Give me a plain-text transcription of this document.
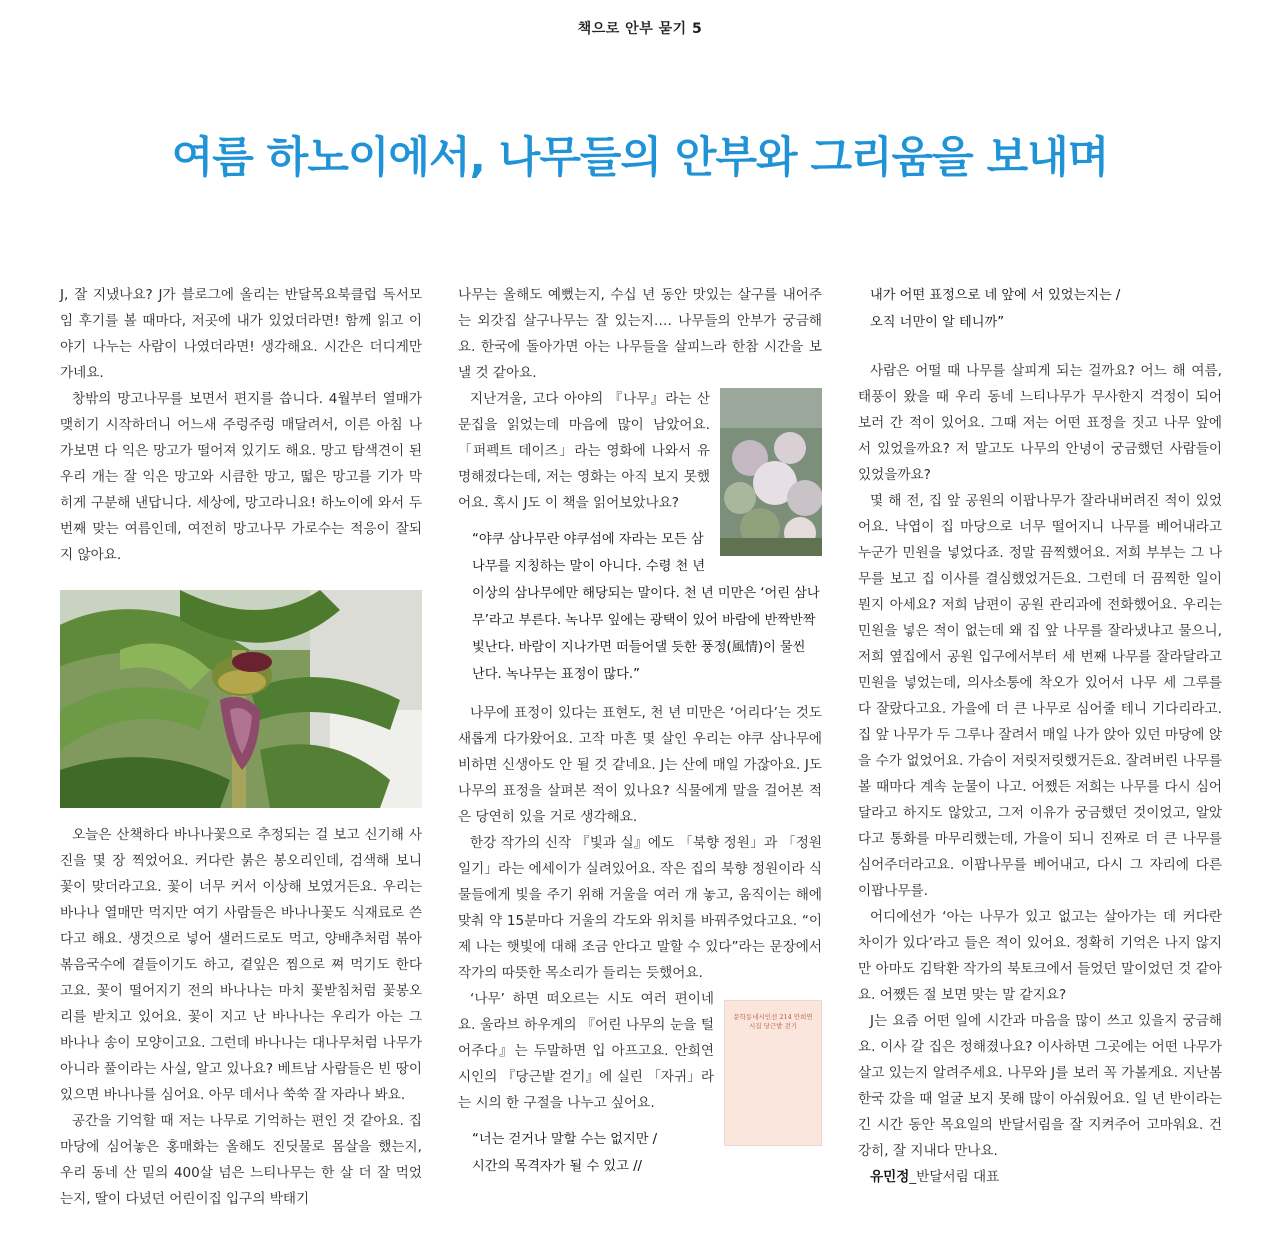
책으로 안부 묻기 5
여름 하노이에서, 나무들의 안부와 그리움을 보내며

J, 잘 지냈나요? J가 블로그에 올리는 반달목요북클럽 독서모임 후기를 볼 때마다, 저곳에 내가 있었더라면! 함께 읽고 이야기 나누는 사람이 나였더라면! 생각해요. 시간은 더디게만 가네요.

창밖의 망고나무를 보면서 편지를 씁니다. 4월부터 열매가 맺히기 시작하더니 어느새 주렁주렁 매달려서, 이른 아침 나가보면 다 익은 망고가 떨어져 있기도 해요. 망고 탐색견이 된 우리 개는 잘 익은 망고와 시큼한 망고, 떫은 망고를 기가 막히게 구분해 낸답니다. 세상에, 망고라니요! 하노이에 와서 두 번째 맞는 여름인데, 여전히 망고나무 가로수는 적응이 잘되지 않아요.

오늘은 산책하다 바나나꽃으로 추정되는 걸 보고 신기해 사진을 몇 장 찍었어요. 커다란 붉은 봉오리인데, 검색해 보니 꽃이 맞더라고요. 꽃이 너무 커서 이상해 보였거든요. 우리는 바나나 열매만 먹지만 여기 사람들은 바나나꽃도 식재료로 쓴다고 해요. 생것으로 넣어 샐러드로도 먹고, 양배추처럼 볶아 볶음국수에 곁들이기도 하고, 곁잎은 찜으로 쪄 먹기도 한다고요. 꽃이 떨어지기 전의 바나나는 마치 꽃받침처럼 꽃봉오리를 받치고 있어요. 꽃이 지고 난 바나나는 우리가 아는 그 바나나 송이 모양이고요. 그런데 바나나는 대나무처럼 나무가 아니라 풀이라는 사실, 알고 있나요? 베트남 사람들은 빈 땅이 있으면 바나나를 심어요. 아무 데서나 쑥쑥 잘 자라나 봐요.

공간을 기억할 때 저는 나무로 기억하는 편인 것 같아요. 집 마당에 심어놓은 홍매화는 올해도 진딧물로 몸살을 했는지, 우리 동네 산 밑의 400살 넘은 느티나무는 한 살 더 잘 먹었는지, 딸이 다녔던 어린이집 입구의 박태기

나무는 올해도 예뻤는지, 수십 년 동안 맛있는 살구를 내어주는 외갓집 살구나무는 잘 있는지…. 나무들의 안부가 궁금해요. 한국에 돌아가면 아는 나무들을 살피느라 한참 시간을 보낼 것 같아요.

지난겨울, 고다 아야의 『나무』라는 산문집을 읽었는데 마음에 많이 남았어요. 「퍼펙트 데이즈」라는 영화에 나와서 유명해졌다는데, 저는 영화는 아직 보지 못했어요. 혹시 J도 이 책을 읽어보았나요?

“야쿠 삼나무란 야쿠섬에 자라는 모든 삼나무를 지칭하는 말이 아니다. 수령 천 년 이상의 삼나무에만 해당되는 말이다. 천 년 미만은 ‘어린 삼나무’라고 부른다. 녹나무 잎에는 광택이 있어 바람에 반짝반짝 빛난다. 바람이 지나가면 떠들어댈 듯한 풍정(風情)이 물씬 난다. 녹나무는 표정이 많다.”

나무에 표정이 있다는 표현도, 천 년 미만은 ‘어리다’는 것도 새롭게 다가왔어요. 고작 마흔 몇 살인 우리는 야쿠 삼나무에 비하면 신생아도 안 될 것 같네요. J는 산에 매일 가잖아요. J도 나무의 표정을 살펴본 적이 있나요? 식물에게 말을 걸어본 적은 당연히 있을 거로 생각해요.

한강 작가의 신작 『빛과 실』에도 「북향 정원」과 「정원 일기」라는 에세이가 실려있어요. 작은 집의 북향 정원이라 식물들에게 빛을 주기 위해 거울을 여러 개 놓고, 움직이는 해에 맞춰 약 15분마다 거울의 각도와 위치를 바꿔주었다고요. “이제 나는 햇빛에 대해 조금 안다고 말할 수 있다”라는 문장에서 작가의 따뜻한 목소리가 들리는 듯했어요.

문학동네시인선 214 안희연 시집 당근밭 걷기

‘나무’ 하면 떠오르는 시도 여러 편이네요. 울라브 하우게의 『어린 나무의 눈을 털어주다』는 두말하면 입 아프고요. 안희연 시인의 『당근밭 걷기』에 실린 「자귀」라는 시의 한 구절을 나누고 싶어요.

“너는 걷거나 말할 수는 없지만 /
시간의 목격자가 될 수 있고 //
내가 어떤 표정으로 네 앞에 서 있었는지는 /
오직 너만이 알 테니까”

사람은 어떨 때 나무를 살피게 되는 걸까요? 어느 해 여름, 태풍이 왔을 때 우리 동네 느티나무가 무사한지 걱정이 되어 보러 간 적이 있어요. 그때 저는 어떤 표정을 짓고 나무 앞에 서 있었을까요? 저 말고도 나무의 안녕이 궁금했던 사람들이 있었을까요?

몇 해 전, 집 앞 공원의 이팝나무가 잘라내버려진 적이 있었어요. 낙엽이 집 마당으로 너무 떨어지니 나무를 베어내라고 누군가 민원을 넣었다죠. 정말 끔찍했어요. 저희 부부는 그 나무를 보고 집 이사를 결심했었거든요. 그런데 더 끔찍한 일이 뭔지 아세요? 저희 남편이 공원 관리과에 전화했어요. 우리는 민원을 넣은 적이 없는데 왜 집 앞 나무를 잘라냈냐고 물으니, 저희 옆집에서 공원 입구에서부터 세 번째 나무를 잘라달라고 민원을 넣었는데, 의사소통에 착오가 있어서 나무 세 그루를 다 잘랐다고요. 가을에 더 큰 나무로 심어줄 테니 기다리라고. 집 앞 나무가 두 그루나 잘려서 매일 나가 앉아 있던 마당에 앉을 수가 없었어요. 가슴이 저릿저릿했거든요. 잘려버린 나무를 볼 때마다 계속 눈물이 나고. 어쨌든 저희는 나무를 다시 심어달라고 하지도 않았고, 그저 이유가 궁금했던 것이었고, 알았다고 통화를 마무리했는데, 가을이 되니 진짜로 더 큰 나무를 심어주더라고요. 이팝나무를 베어내고, 다시 그 자리에 다른 이팝나무를.

어디에선가 ‘아는 나무가 있고 없고는 살아가는 데 커다란 차이가 있다’라고 들은 적이 있어요. 정확히 기억은 나지 않지만 아마도 김탁환 작가의 북토크에서 들었던 말이었던 것 같아요. 어쨌든 절 보면 맞는 말 같지요?

J는 요즘 어떤 일에 시간과 마음을 많이 쓰고 있을지 궁금해요. 이사 갈 집은 정해졌나요? 이사하면 그곳에는 어떤 나무가 살고 있는지 알려주세요. 나무와 J를 보러 꼭 가볼게요. 지난봄 한국 갔을 때 얼굴 보지 못해 많이 아쉬웠어요. 일 년 반이라는 긴 시간 동안 목요일의 반달서림을 잘 지켜주어 고마워요. 건강히, 잘 지내다 만나요.

유민정_반달서림 대표
